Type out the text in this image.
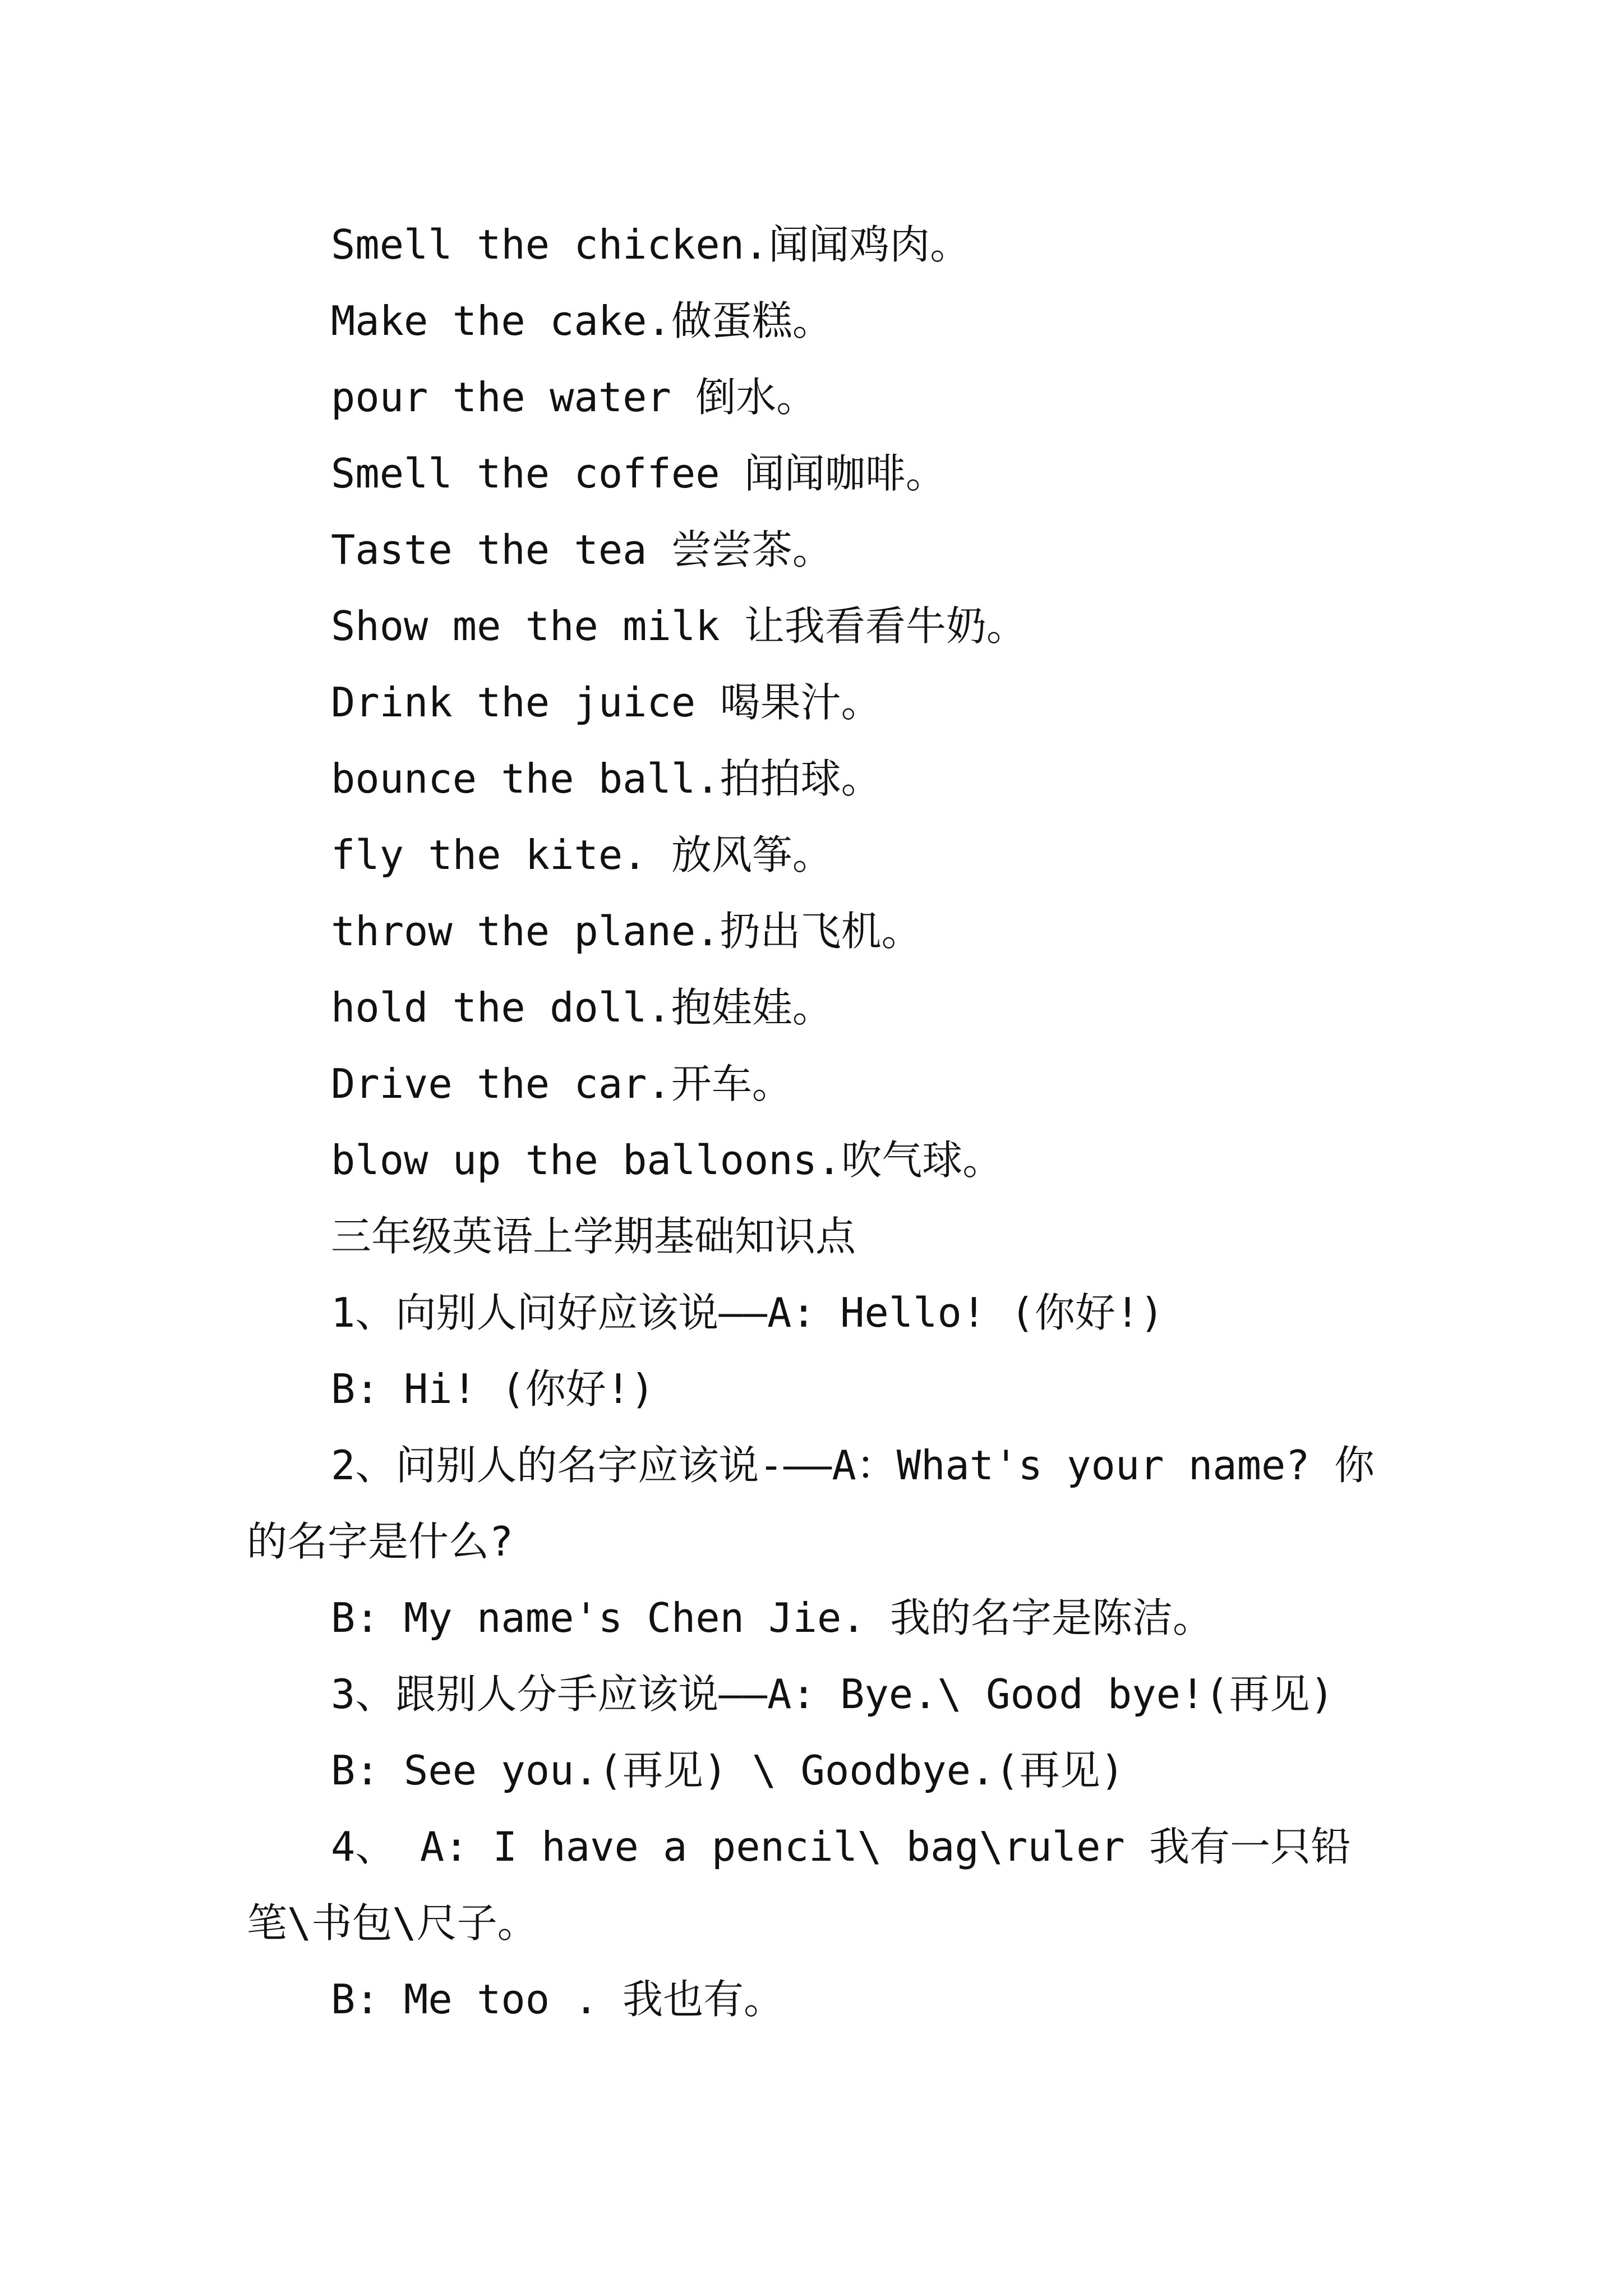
Smell the chicken.闻闻鸡肉。
Make the cake.做蛋糕。
pour the water 倒水。
Smell the coffee 闻闻咖啡。
Taste the tea 尝尝茶。
Show me the milk 让我看看牛奶。
Drink the juice 喝果汁。
bounce the ball.拍拍球。
fly the kite. 放风筝。
throw the plane.扔出飞机。
hold the doll.抱娃娃。
Drive the car.开车。
blow up the balloons.吹气球。
三年级英语上学期基础知识点
1、向别人问好应该说——A: Hello! (你好!)
B: Hi! (你好!)
2、问别人的名字应该说-——A：What's your name? 你的名字是什么?
B: My name's Chen Jie. 我的名字是陈洁。
3、跟别人分手应该说——A: Bye.\ Good bye!(再见)
B: See you.(再见) \ Goodbye.(再见)
4、 A: I have a pencil\ bag\ruler 我有一只铅笔\书包\尺子。
B: Me too . 我也有。
